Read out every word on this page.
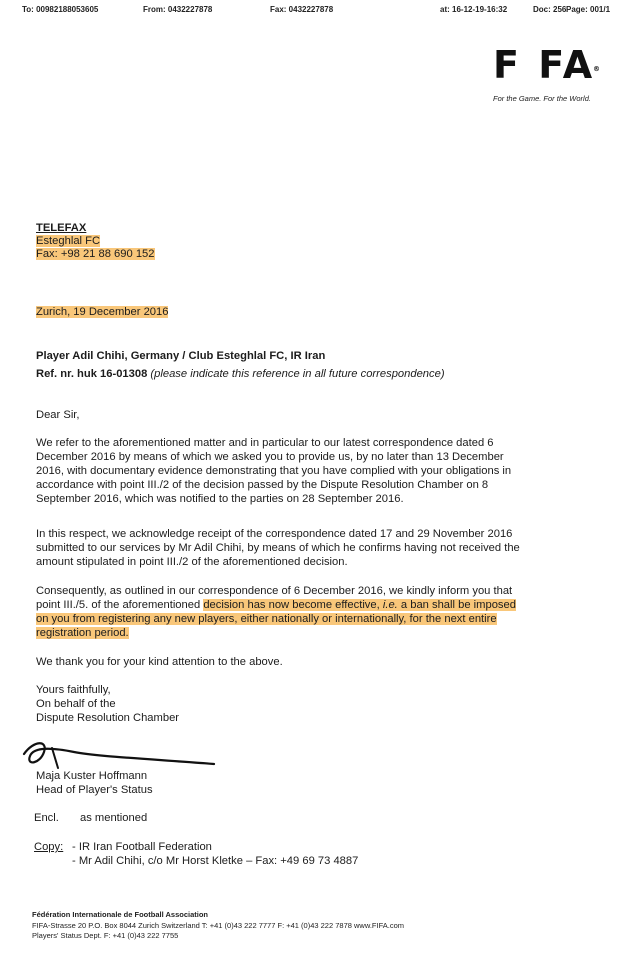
To: 00982188053605	From: 0432227878	Fax: 0432227878	at: 16-12-19-16:32	Doc: 256 Page: 001/1
F FA
®
For the Game. For the World.
TELEFAX
Esteghlal FC
Fax: +98 21 88 690 152
Zurich, 19 December 2016
Player Adil Chihi, Germany / Club Esteghlal FC, IR Iran
Ref. nr. huk 16-01308 (please indicate this reference in all future correspondence)
Dear Sir,
We refer to the aforementioned matter and in particular to our latest correspondence dated 6
December 2016 by means of which we asked you to provide us, by no later than 13 December
2016, with documentary evidence demonstrating that you have complied with your obligations in
accordance with point III./2 of the decision passed by the Dispute Resolution Chamber on 8
September 2016, which was notified to the parties on 28 September 2016.
In this respect, we acknowledge receipt of the correspondence dated 17 and 29 November 2016
submitted to our services by Mr Adil Chihi, by means of which he confirms having not received the
amount stipulated in point III./2 of the aforementioned decision.
Consequently, as outlined in our correspondence of 6 December 2016, we kindly inform you that
point III./5. of the aforementioned decision has now become effective, i.e. a ban shall be imposed
on you from registering any new players, either nationally or internationally, for the next entire
registration period.
We thank you for your kind attention to the above.
Yours faithfully,
On behalf of the
Dispute Resolution Chamber
Maja Kuster Hoffmann
Head of Player's Status
Encl. as mentioned
Copy: - IR Iran Football Federation
- Mr Adil Chihi, c/o Mr Horst Kletke – Fax: +49 69 73 4887
Fédération Internationale de Football Association
FIFA-Strasse 20 P.O. Box 8044 Zurich Switzerland T: +41 (0)43 222 7777 F: +41 (0)43 222 7878 www.FIFA.com
Players' Status Dept. F: +41 (0)43 222 7755
